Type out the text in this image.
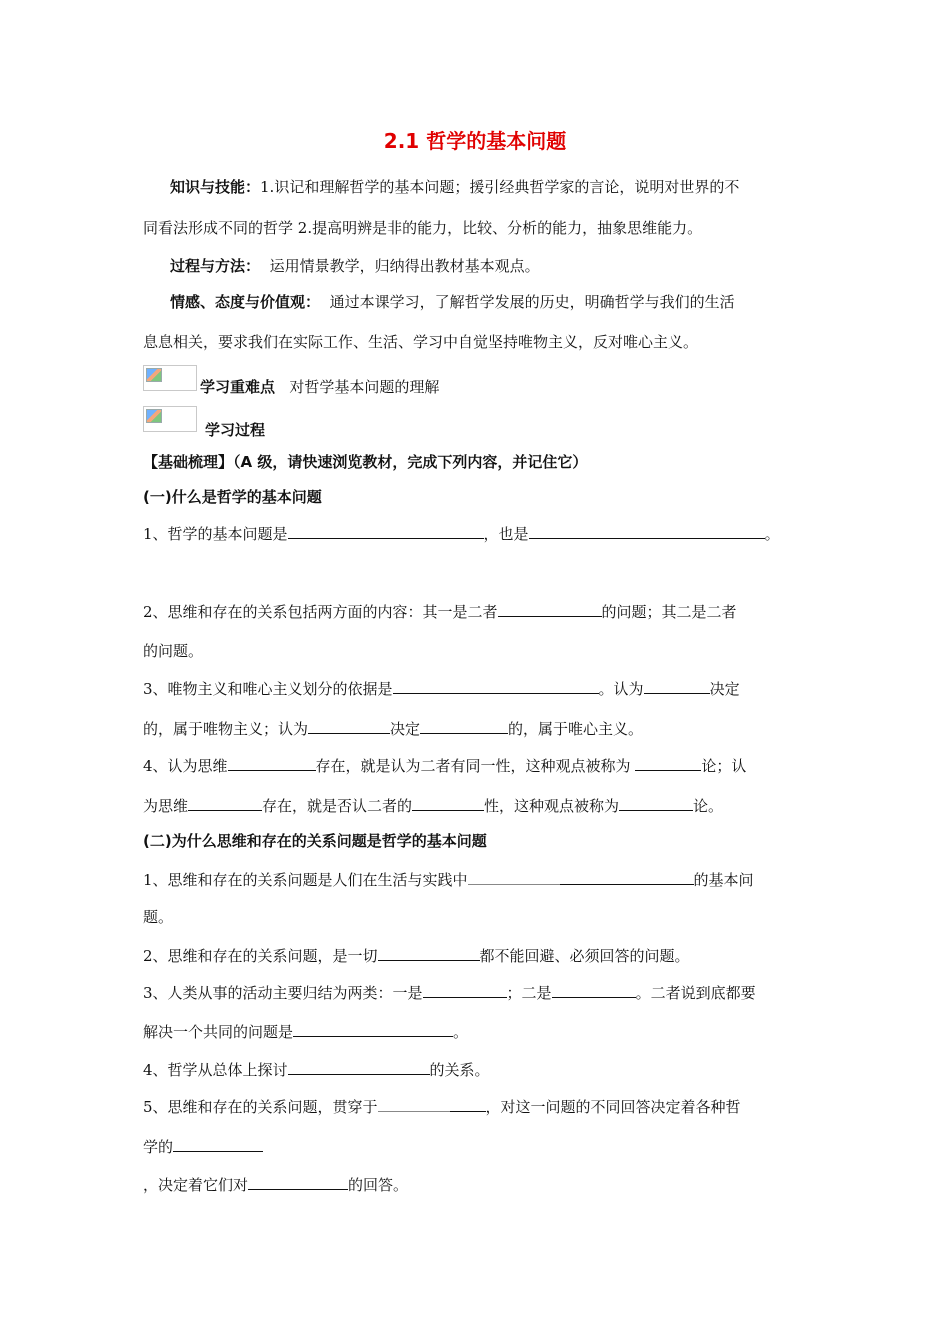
2.1 哲学的基本问题
知识与技能：1.识记和理解哲学的基本问题；援引经典哲学家的言论，说明对世界的不
同看法形成不同的哲学 2.提高明辨是非的能力，比较、分析的能力，抽象思维能力。
过程与方法： 运用情景教学，归纳得出教材基本观点。
情感、态度与价值观： 通过本课学习，了解哲学发展的历史，明确哲学与我们的生活
息息相关，要求我们在实际工作、生活、学习中自觉坚持唯物主义，反对唯心主义。
学习重难点 对哲学基本问题的理解
学习过程
【基础梳理】（A 级，请快速浏览教材，完成下列内容，并记住它）
(一)什么是哲学的基本问题
1、哲学的基本问题是	，也是	。
2、思维和存在的关系包括两方面的内容：其一是二者	的问题；其二是二者
的问题。
3、唯物主义和唯心主义划分的依据是	。认为	决定
的，属于唯物主义；认为	决定	的，属于唯心主义。
4、认为思维	存在，就是认为二者有同一性，这种观点被称为	论；认
为思维	存在，就是否认二者的	性，这种观点被称为	论。
(二)为什么思维和存在的关系问题是哲学的基本问题
1、思维和存在的关系问题是人们在生活与实践中	的基本问
题。
2、思维和存在的关系问题，是一切	都不能回避、必须回答的问题。
3、人类从事的活动主要归结为两类：一是	；二是	。二者说到底都要
解决一个共同的问题是	。
4、哲学从总体上探讨	的关系。
5、思维和存在的关系问题，贯穿于	，对这一问题的不同回答决定着各种哲
学的
，决定着它们对	的回答。
